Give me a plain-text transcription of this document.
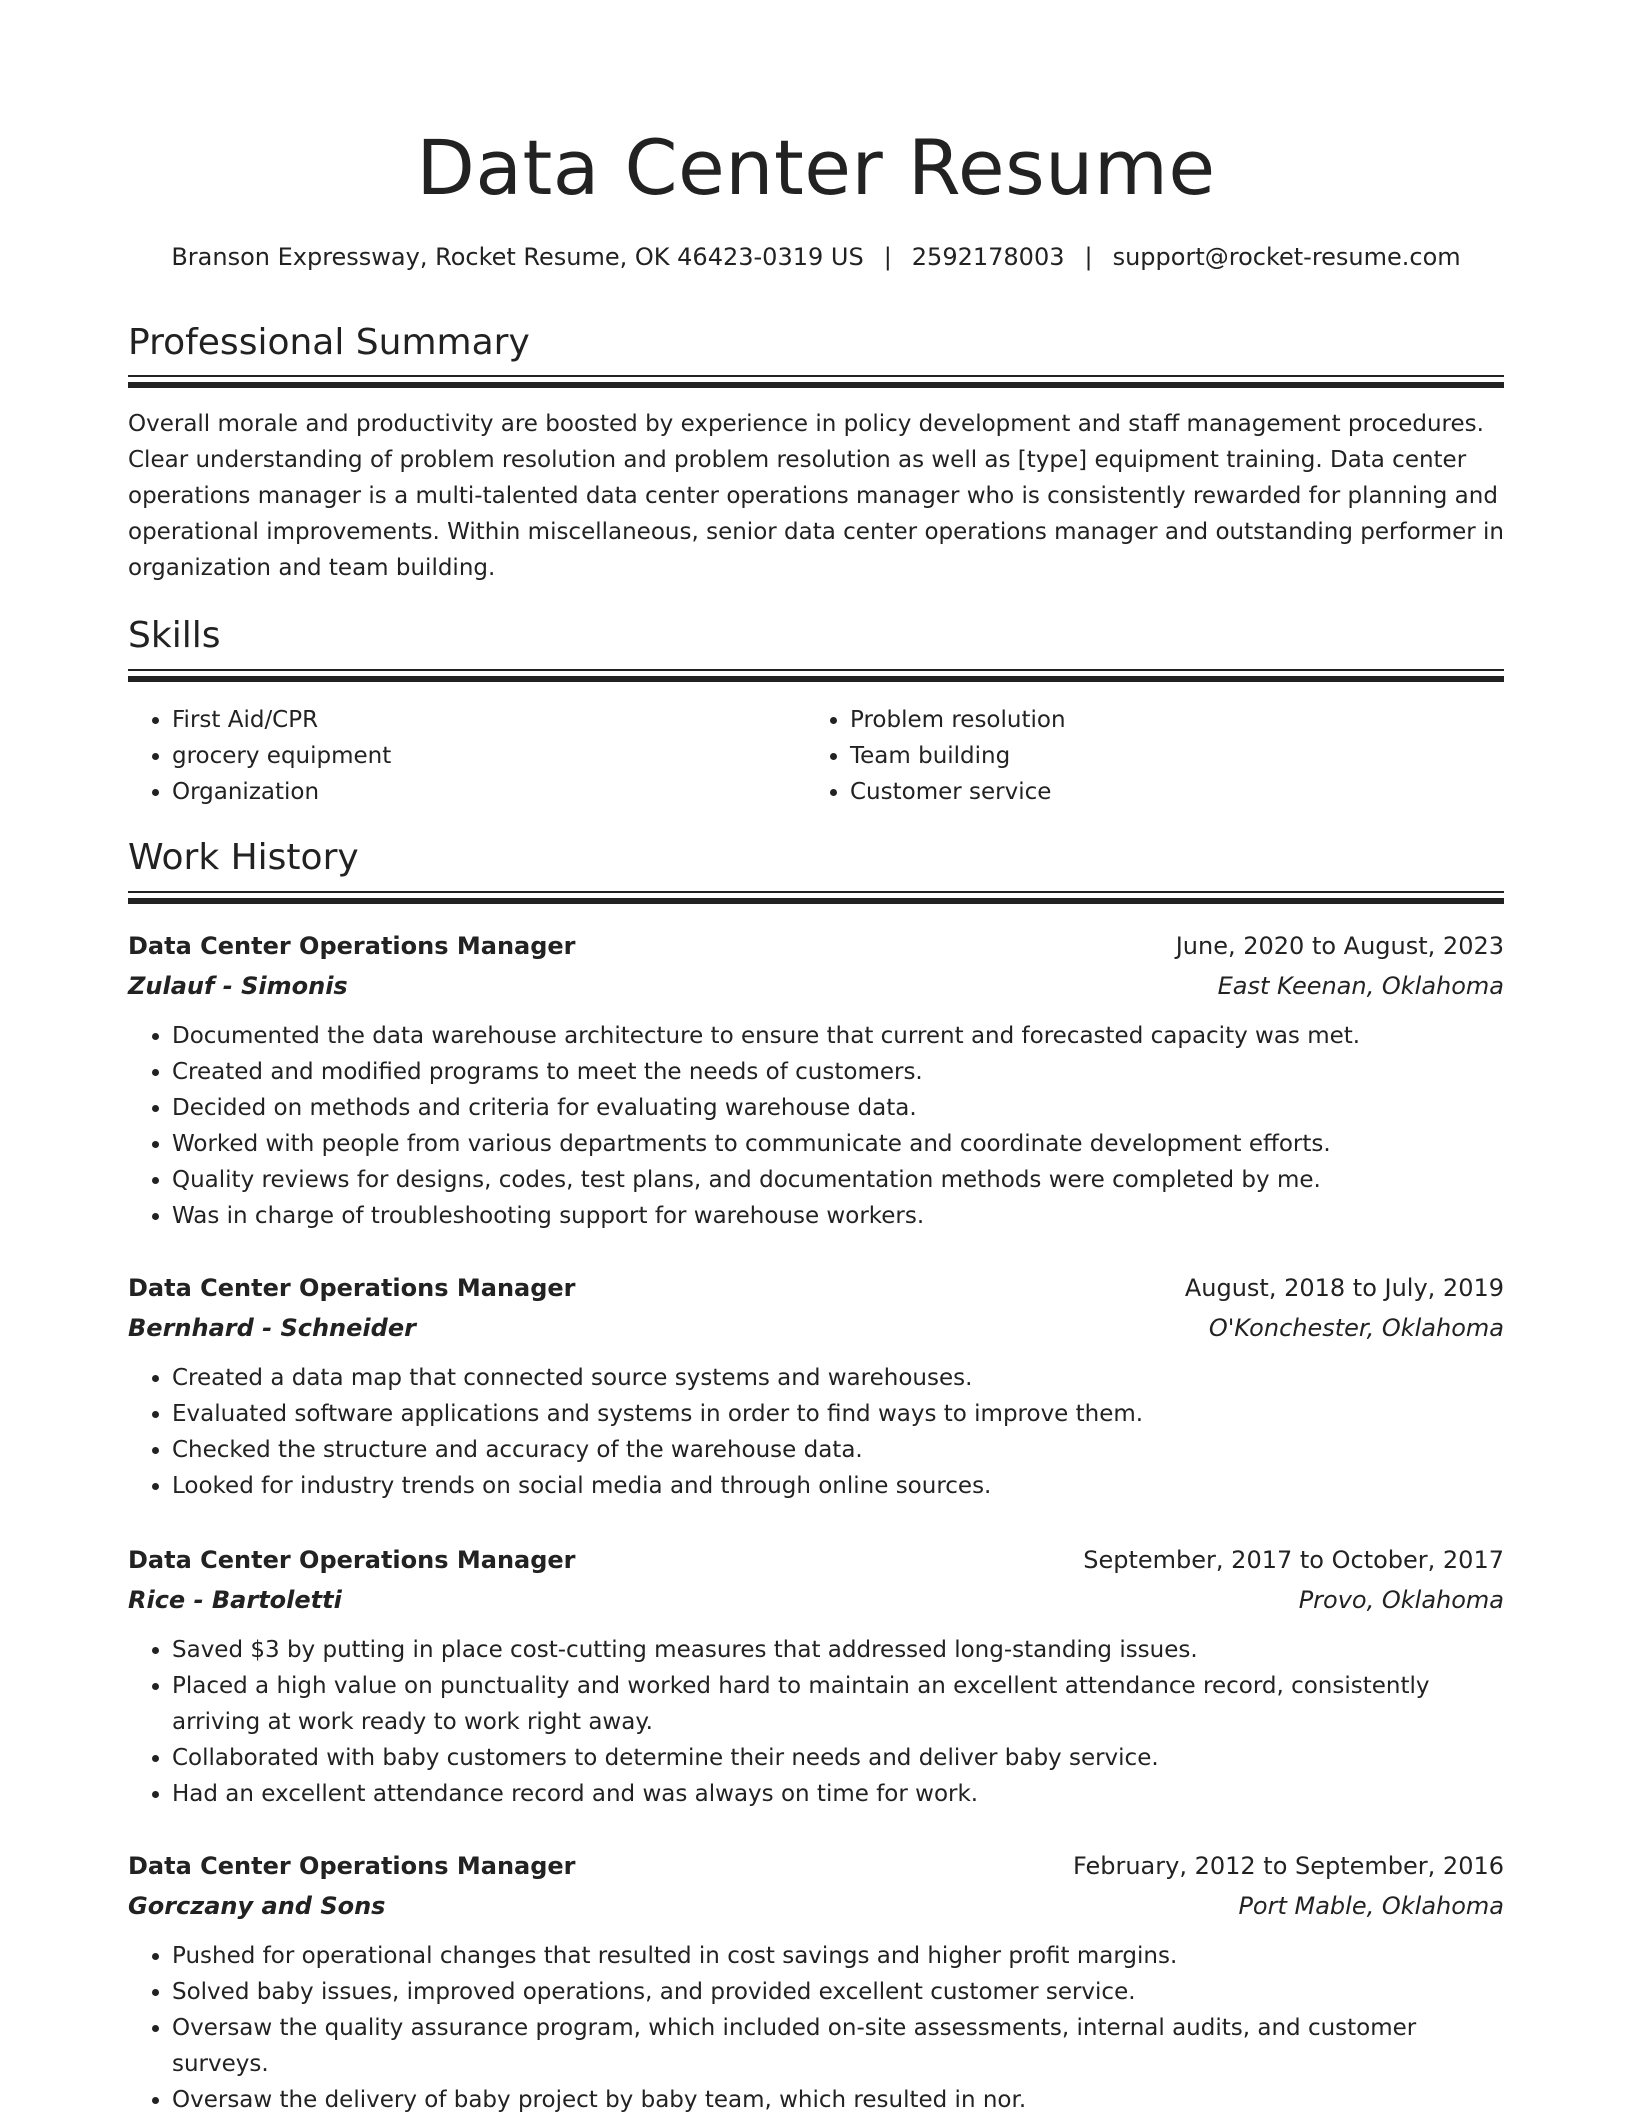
Data Center Resume
Branson Expressway, Rocket Resume, OK 46423-0319 US | 2592178003 | support@rocket-resume.com
Professional Summary

Overall morale and productivity are boosted by experience in policy development and staff management procedures. Clear understanding of problem resolution and problem resolution as well as [type] equipment training. Data center operations manager is a multi-talented data center operations manager who is consistently rewarded for planning and operational improvements. Within miscellaneous, senior data center operations manager and outstanding performer in organization and team building.

Skills
• First Aid/CPR
• grocery equipment
• Organization
• Problem resolution
• Team building
• Customer service
Work History
Data Center Operations Manager	June, 2020 to August, 2023
Zulauf - Simonis	East Keenan, Oklahoma
• Documented the data warehouse architecture to ensure that current and forecasted capacity was met.
• Created and modified programs to meet the needs of customers.
• Decided on methods and criteria for evaluating warehouse data.
• Worked with people from various departments to communicate and coordinate development efforts.
• Quality reviews for designs, codes, test plans, and documentation methods were completed by me.
• Was in charge of troubleshooting support for warehouse workers.
Data Center Operations Manager	August, 2018 to July, 2019
Bernhard - Schneider	O'Konchester, Oklahoma
• Created a data map that connected source systems and warehouses.
• Evaluated software applications and systems in order to find ways to improve them.
• Checked the structure and accuracy of the warehouse data.
• Looked for industry trends on social media and through online sources.
Data Center Operations Manager	September, 2017 to October, 2017
Rice - Bartoletti	Provo, Oklahoma
• Saved $3 by putting in place cost-cutting measures that addressed long-standing issues.
• Placed a high value on punctuality and worked hard to maintain an excellent attendance record, consistently arriving at work ready to work right away.
• Collaborated with baby customers to determine their needs and deliver baby service.
• Had an excellent attendance record and was always on time for work.
Data Center Operations Manager	February, 2012 to September, 2016
Gorczany and Sons	Port Mable, Oklahoma
• Pushed for operational changes that resulted in cost savings and higher profit margins.
• Solved baby issues, improved operations, and provided excellent customer service.
• Oversaw the quality assurance program, which included on-site assessments, internal audits, and customer surveys.
• Oversaw the delivery of baby project by baby team, which resulted in nor.
